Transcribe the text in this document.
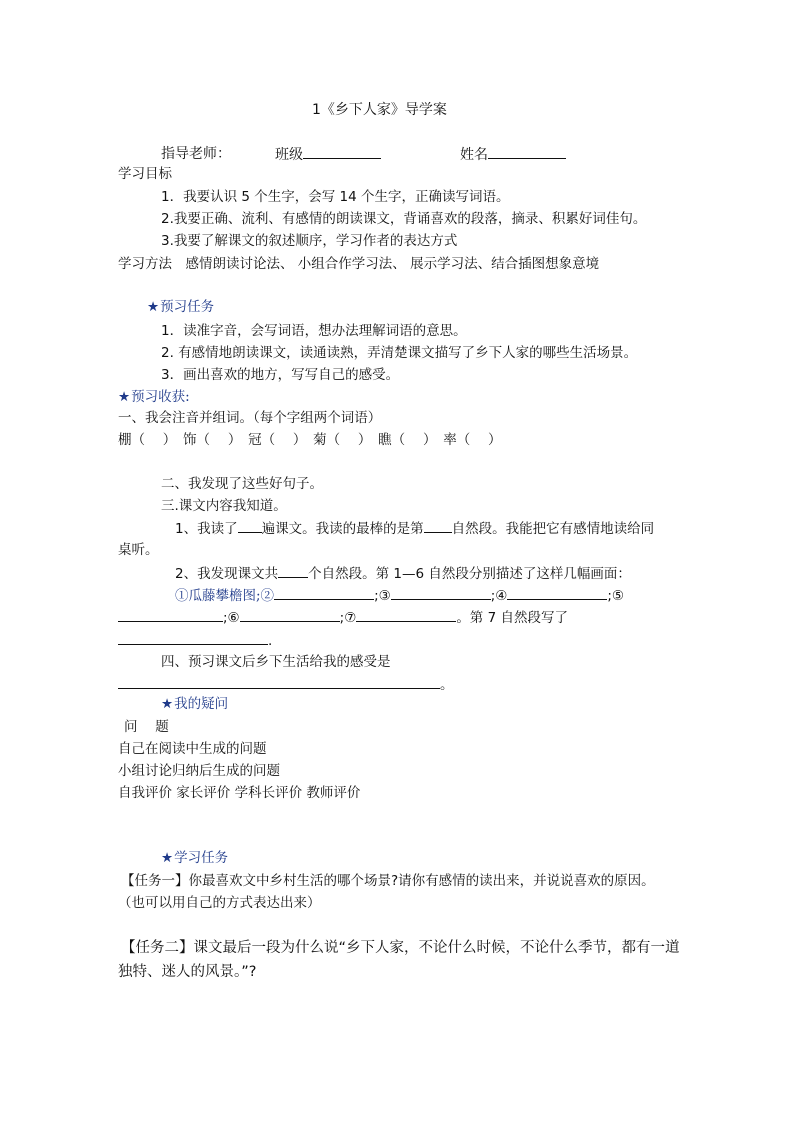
1《乡下人家》导学案
指导老师：	班级	姓名
学习目标
1．我要认识 5 个生字，会写 14 个生字，正确读写词语。
2.我要正确、流利、有感情的朗读课文，背诵喜欢的段落，摘录、积累好词佳句。
3.我要了解课文的叙述顺序，学习作者的表达方式
学习方法　感情朗读讨论法、 小组合作学习法、 展示学习法、结合插图想象意境
★预习任务
1．读准字音，会写词语，想办法理解词语的意思。
2. 有感情地朗读课文，读通读熟，弄清楚课文描写了乡下人家的哪些生活场景。
3．画出喜欢的地方，写写自己的感受。
★预习收获:
一、我会注音并组词。（每个字组两个词语）
棚（　 ）　饰（　 ）　冠（　 ）　菊（　 ）　瞧（　 ）　率（　 ）
二、我发现了这些好句子。
三.课文内容我知道。
1、我读了 遍课文。我读的最棒的是第 自然段。我能把它有感情地读给同
桌听。
2、我发现课文共 个自然段。第 1—6 自然段分别描述了这样几幅画面：
①瓜藤攀檐图;②	;③	;④	;⑤
;⑥	;⑦	。第 7 自然段写了
.
四、预习课文后乡下生活给我的感受是
。
★我的疑问
问　 题
自己在阅读中生成的问题
小组讨论归纳后生成的问题
自我评价 家长评价 学科长评价 教师评价
★学习任务
【任务一】你最喜欢文中乡村生活的哪个场景?请你有感情的读出来，并说说喜欢的原因。
（也可以用自己的方式表达出来）
【任务二】课文最后一段为什么说“乡下人家，不论什么时候，不论什么季节，都有一道
独特、迷人的风景。”?
